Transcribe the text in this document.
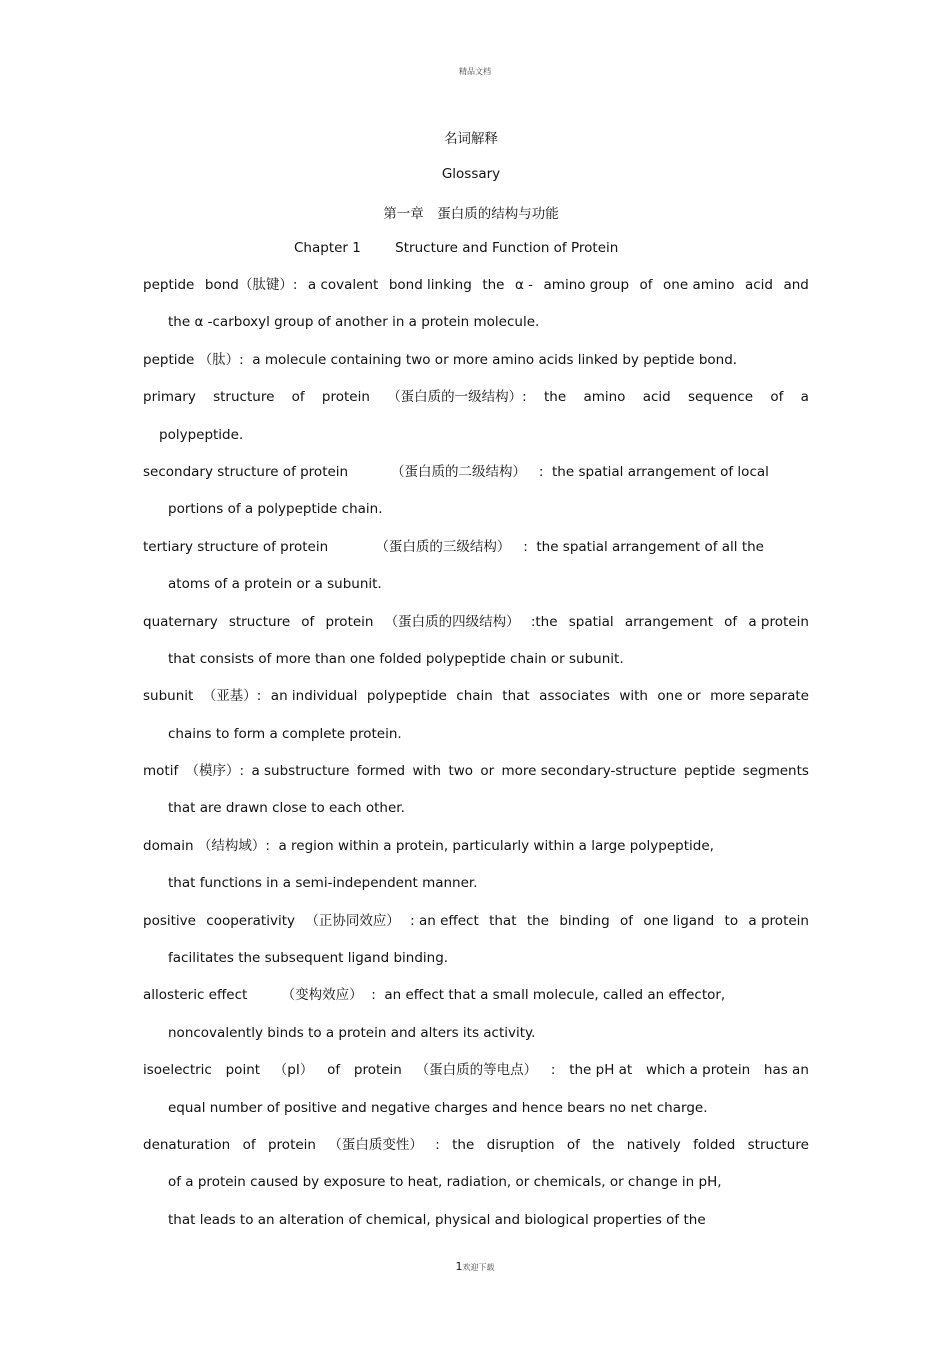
精品文档
名词解释
Glossary
第一章　蛋白质的结构与功能
Chapter 1        Structure and Function of Protein
peptide bond（肽键）: a covalent bond linking the α - amino group of one amino acid and
the α -carboxyl group of another in a protein molecule.
peptide （肽）:  a molecule containing two or more amino acids linked by peptide bond.
primary structure of protein （蛋白质的一级结构）: the amino acid sequence of a
polypeptide.
secondary structure of protein          （蛋白质的二级结构）   :  the spatial arrangement of local
portions of a polypeptide chain.
tertiary structure of protein           （蛋白质的三级结构）   :  the spatial arrangement of all the
atoms of a protein or a subunit.
quaternary structure of protein （蛋白质的四级结构） :the spatial arrangement of a protein
that consists of more than one folded polypeptide chain or subunit.
subunit （亚基）: an individual polypeptide chain that associates with one or more separate
chains to form a complete protein.
motif （模序）: a substructure formed with two or more secondary-structure peptide segments
that are drawn close to each other.
domain （结构域）:  a region within a protein, particularly within a large polypeptide,
that functions in a semi-independent manner.
positive cooperativity （正协同效应） : an effect that the binding of one ligand to a protein
facilitates the subsequent ligand binding.
allosteric effect        （变构效应）  :  an effect that a small molecule, called an effector,
noncovalently binds to a protein and alters its activity.
isoelectric point （pI） of protein （蛋白质的等电点） : the pH at which a protein has an
equal number of positive and negative charges and hence bears no net charge.
denaturation of protein （蛋白质变性） : the disruption of the natively folded structure
of a protein caused by exposure to heat, radiation, or chemicals, or change in pH,
that leads to an alteration of chemical, physical and biological properties of the
1欢迎下载
